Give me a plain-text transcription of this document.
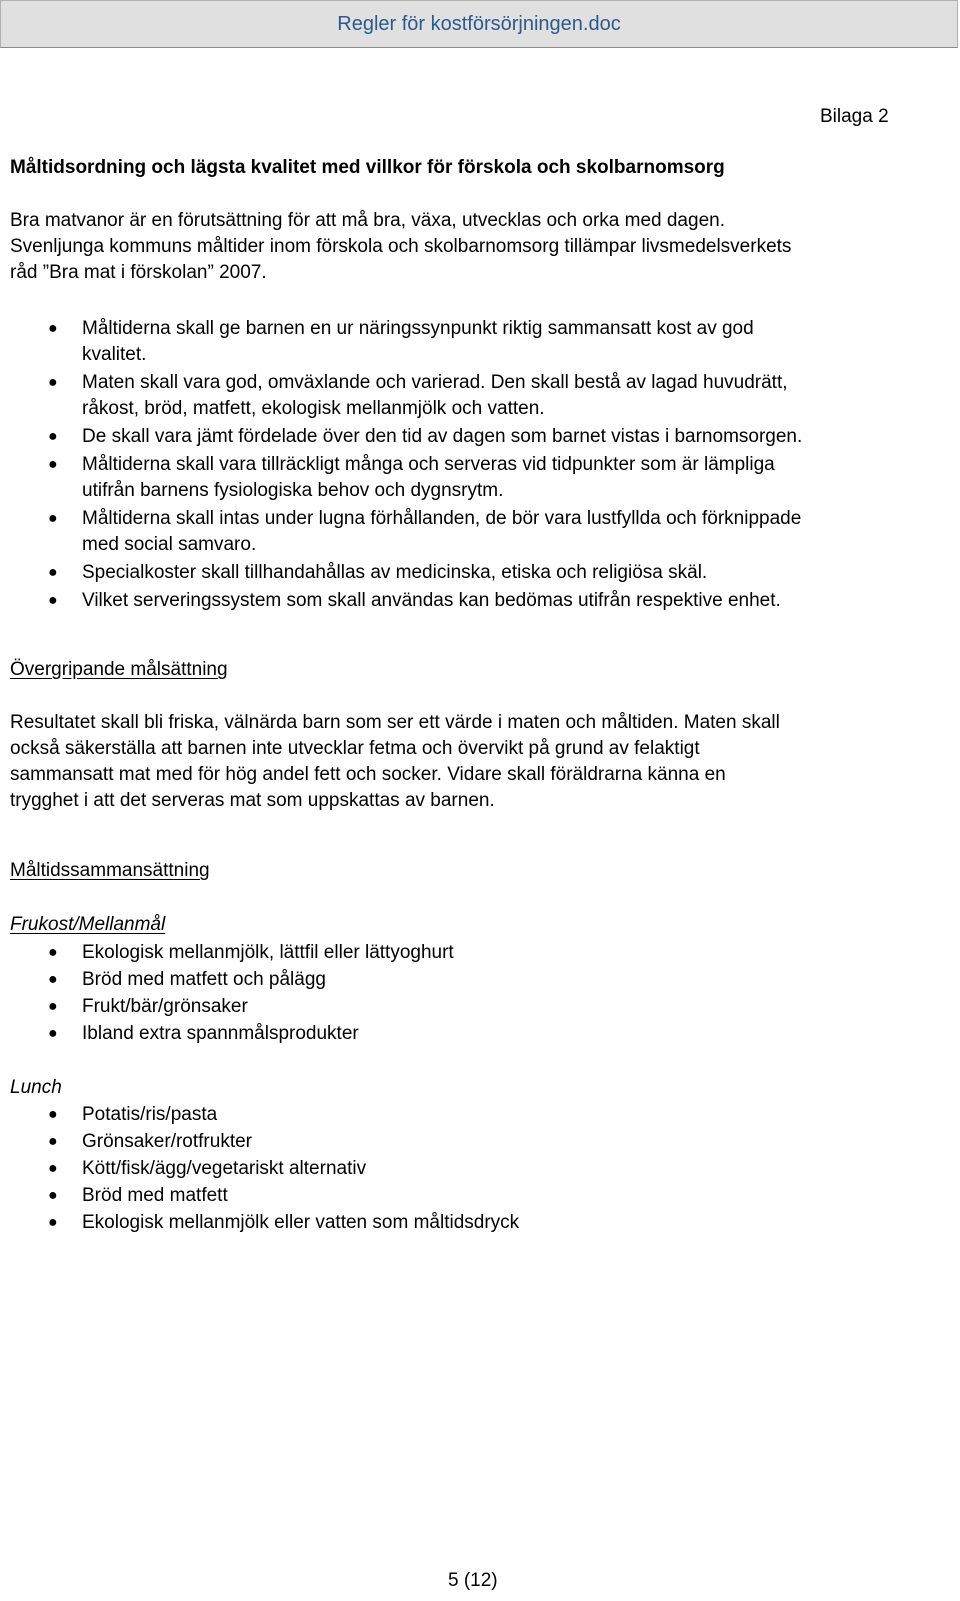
Regler för kostförsörjningen.doc
Bilaga 2
Måltidsordning och lägsta kvalitet med villkor för förskola och skolbarnomsorg
Bra matvanor är en förutsättning för att må bra, växa, utvecklas och orka med dagen.
Svenljunga kommuns måltider inom förskola och skolbarnomsorg tillämpar livsmedelsverkets
råd ”Bra mat i förskolan” 2007.
● Måltiderna skall ge barnen en ur näringssynpunkt riktig sammansatt kost av god
kvalitet.
● Maten skall vara god, omväxlande och varierad. Den skall bestå av lagad huvudrätt,
råkost, bröd, matfett, ekologisk mellanmjölk och vatten.
● De skall vara jämt fördelade över den tid av dagen som barnet vistas i barnomsorgen.
● Måltiderna skall vara tillräckligt många och serveras vid tidpunkter som är lämpliga
utifrån barnens fysiologiska behov och dygnsrytm.
● Måltiderna skall intas under lugna förhållanden, de bör vara lustfyllda och förknippade
med social samvaro.
● Specialkoster skall tillhandahållas av medicinska, etiska och religiösa skäl.
● Vilket serveringssystem som skall användas kan bedömas utifrån respektive enhet.
Övergripande målsättning
Resultatet skall bli friska, välnärda barn som ser ett värde i maten och måltiden. Maten skall
också säkerställa att barnen inte utvecklar fetma och övervikt på grund av felaktigt
sammansatt mat med för hög andel fett och socker. Vidare skall föräldrarna känna en
trygghet i att det serveras mat som uppskattas av barnen.
Måltidssammansättning
Frukost/Mellanmål
● Ekologisk mellanmjölk, lättfil eller lättyoghurt
● Bröd med matfett och pålägg
● Frukt/bär/grönsaker
● Ibland extra spannmålsprodukter
Lunch
● Potatis/ris/pasta
● Grönsaker/rotfrukter
● Kött/fisk/ägg/vegetariskt alternativ
● Bröd med matfett
● Ekologisk mellanmjölk eller vatten som måltidsdryck
5 (12)
